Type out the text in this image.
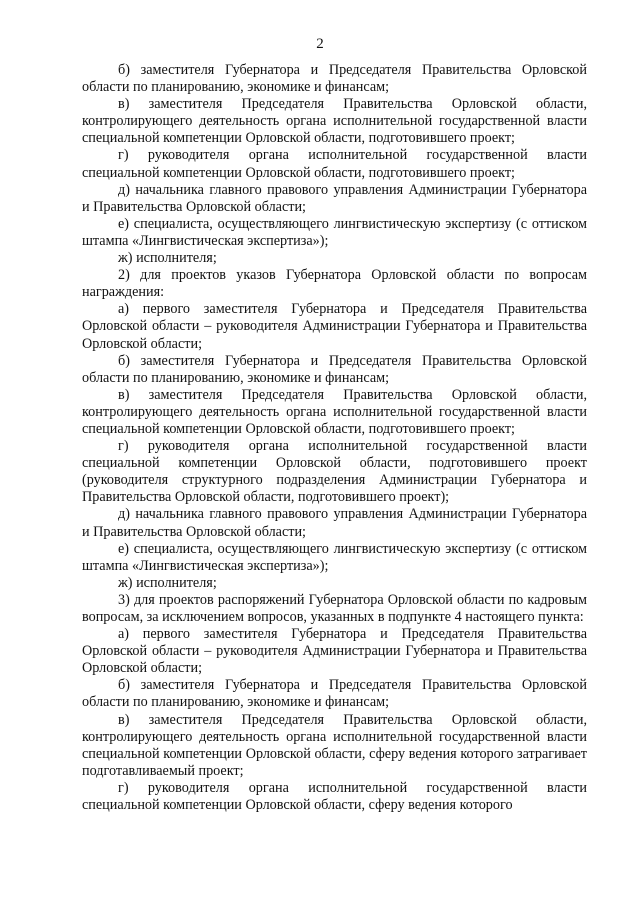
2

б) заместителя Губернатора и Председателя Правительства Орловской области по планированию, экономике и финансам;

в) заместителя Председателя Правительства Орловской области, контролирующего деятельность органа исполнительной государственной власти специальной компетенции Орловской области, подготовившего проект;

г) руководителя органа исполнительной государственной власти специальной компетенции Орловской области, подготовившего проект;

д) начальника главного правового управления Администрации Губернатора и Правительства Орловской области;

е) специалиста, осуществляющего лингвистическую экспертизу (с оттиском штампа «Лингвистическая экспертиза»);

ж) исполнителя;

2) для проектов указов Губернатора Орловской области по вопросам награждения:

а) первого заместителя Губернатора и Председателя Правительства Орловской области – руководителя Администрации Губернатора и Правительства Орловской области;

б) заместителя Губернатора и Председателя Правительства Орловской области по планированию, экономике и финансам;

в) заместителя Председателя Правительства Орловской области, контролирующего деятельность органа исполнительной государственной власти специальной компетенции Орловской области, подготовившего проект;

г) руководителя органа исполнительной государственной власти специальной компетенции Орловской области, подготовившего проект (руководителя структурного подразделения Администрации Губернатора и Правительства Орловской области, подготовившего проект);

д) начальника главного правового управления Администрации Губернатора и Правительства Орловской области;

е) специалиста, осуществляющего лингвистическую экспертизу (с оттиском штампа «Лингвистическая экспертиза»);

ж) исполнителя;

3) для проектов распоряжений Губернатора Орловской области по кадровым вопросам, за исключением вопросов, указанных в подпункте 4 настоящего пункта:

а) первого заместителя Губернатора и Председателя Правительства Орловской области – руководителя Администрации Губернатора и Правительства Орловской области;

б) заместителя Губернатора и Председателя Правительства Орловской области по планированию, экономике и финансам;

в) заместителя Председателя Правительства Орловской области, контролирующего деятельность органа исполнительной государственной власти специальной компетенции Орловской области, сферу ведения которого затрагивает подготавливаемый проект;

г) руководителя органа исполнительной государственной власти специальной компетенции Орловской области, сферу ведения которого
